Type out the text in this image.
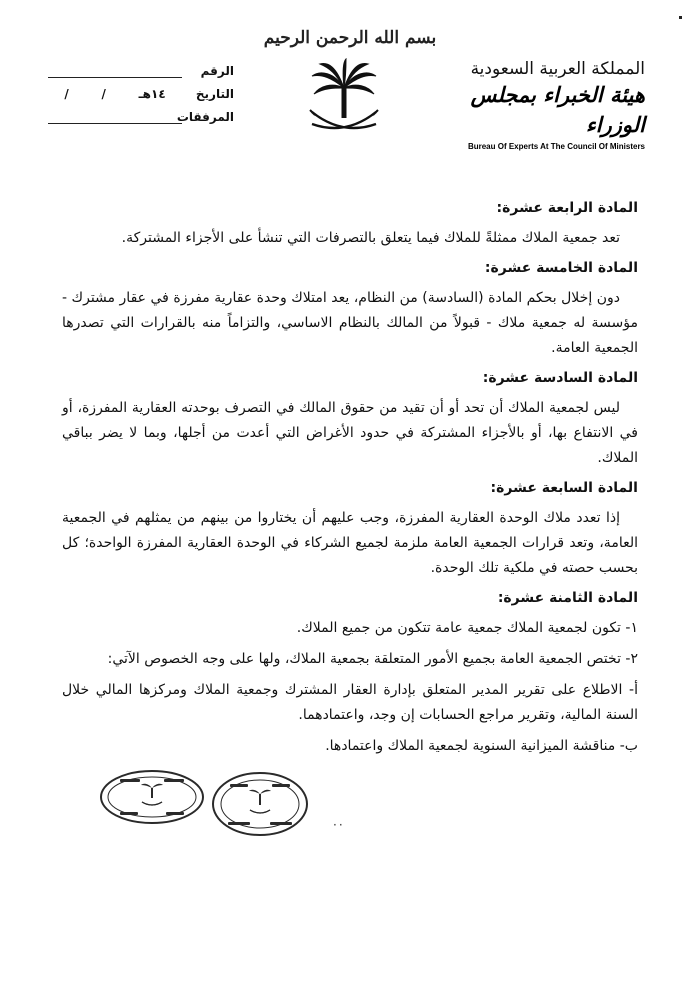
بسم الله الرحمن الرحيم
المملكة العربية السعودية
هيئة الخبراء بمجلس الوزراء
Bureau Of Experts At The Council Of Ministers
الرقم
التاريخ
١٤هـ
/
/
المرفقات
المادة الرابعة عشرة:

تعد جمعية الملاك ممثلةً للملاك فيما يتعلق بالتصرفات التي تنشأ على الأجزاء المشتركة.

المادة الخامسة عشرة:

دون إخلال بحكم المادة (السادسة) من النظام، يعد امتلاك وحدة عقارية مفرزة في عقار مشترك - مؤسسة له جمعية ملاك - قبولاً من المالك بالنظام الاساسي، والتزاماً منه بالقرارات التي تصدرها الجمعية العامة.

المادة السادسة عشرة:

ليس لجمعية الملاك أن تحد أو أن تقيد من حقوق المالك في التصرف بوحدته العقارية المفرزة، أو في الانتفاع بها، أو بالأجزاء المشتركة في حدود الأغراض التي أعدت من أجلها، وبما لا يضر بباقي الملاك.

المادة السابعة عشرة:

إذا تعدد ملاك الوحدة العقارية المفرزة، وجب عليهم أن يختاروا من بينهم من يمثلهم في الجمعية العامة، وتعد قرارات الجمعية العامة ملزمة لجميع الشركاء في الوحدة العقارية المفرزة الواحدة؛ كل بحسب حصته في ملكية تلك الوحدة.

المادة الثامنة عشرة:

١- تكون لجمعية الملاك جمعية عامة تتكون من جميع الملاك.

٢- تختص الجمعية العامة بجميع الأمور المتعلقة بجمعية الملاك، ولها على وجه الخصوص الآتي:

أ- الاطلاع على تقرير المدير المتعلق بإدارة العقار المشترك وجمعية الملاك ومركزها المالي خلال السنة المالية، وتقرير مراجع الحسابات إن وجد، واعتمادهما.

ب- مناقشة الميزانية السنوية لجمعية الملاك واعتمادها.

··
